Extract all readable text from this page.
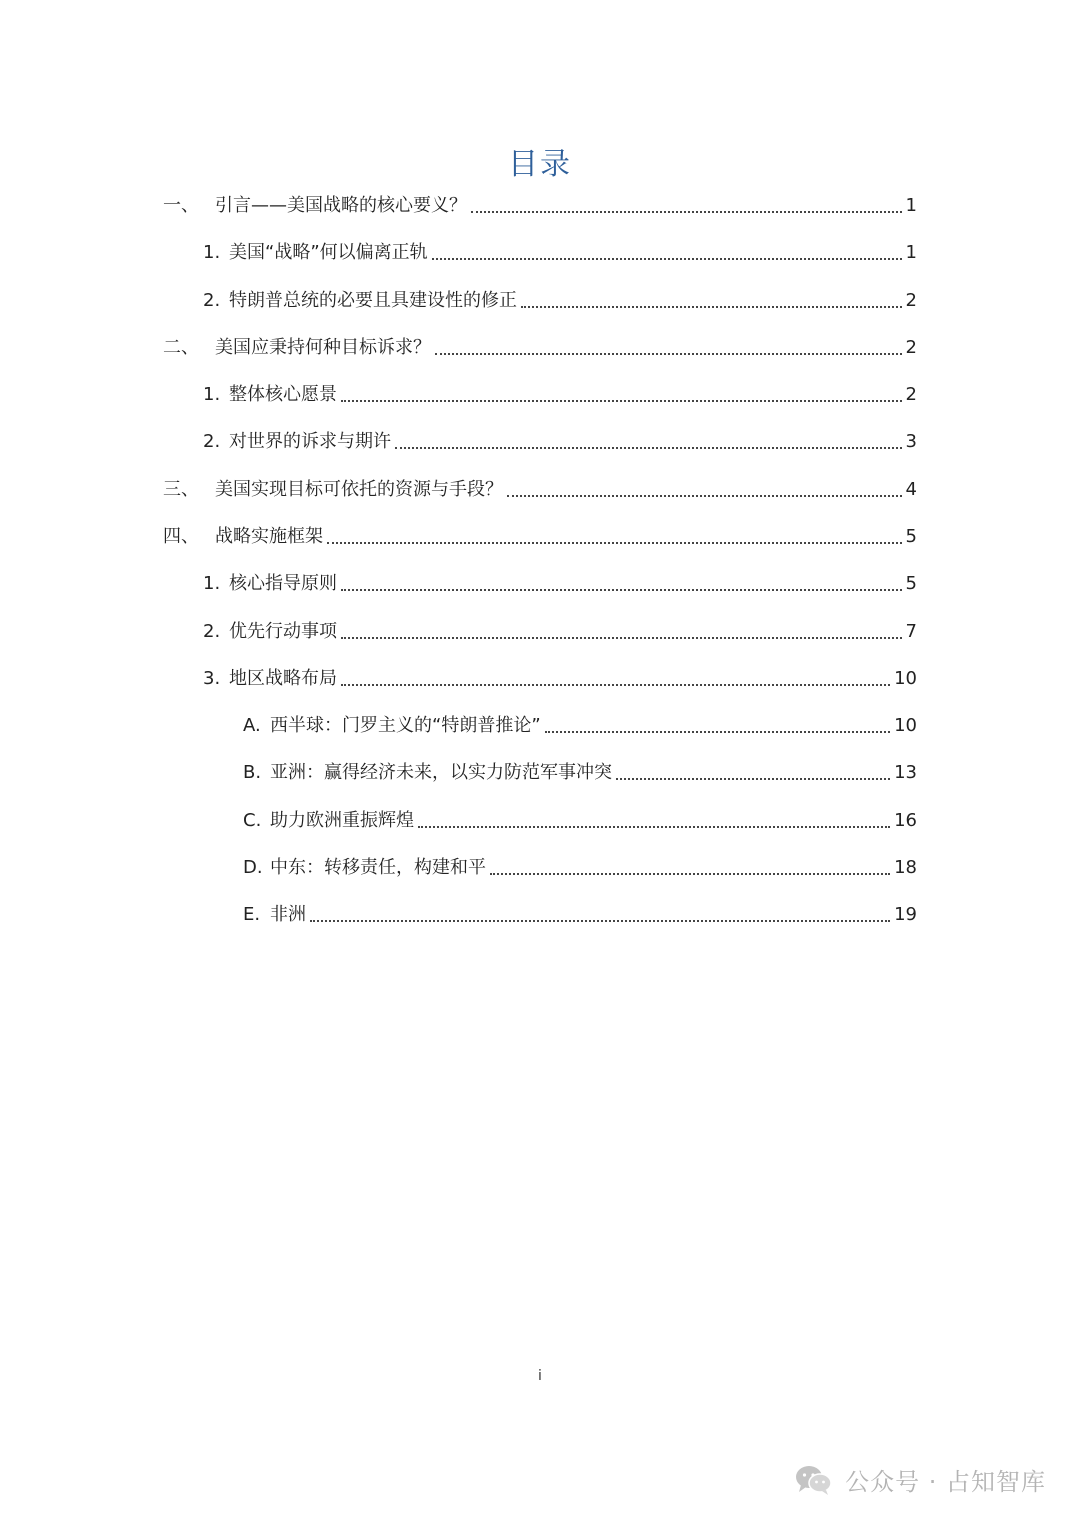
目录
一、 引言——美国战略的核心要义？	1
1. 美国“战略”何以偏离正轨	1
2. 特朗普总统的必要且具建设性的修正	2
二、 美国应秉持何种目标诉求？	2
1. 整体核心愿景	2
2. 对世界的诉求与期许	3
三、 美国实现目标可依托的资源与手段？	4
四、 战略实施框架	5
1. 核心指导原则	5
2. 优先行动事项	7
3. 地区战略布局	10
A. 西半球：门罗主义的“特朗普推论”	10
B. 亚洲：赢得经济未来，以实力防范军事冲突	13
C. 助力欧洲重振辉煌	16
D. 中东：转移责任，构建和平	18
E. 非洲	19
i
公众号 · 占知智库
